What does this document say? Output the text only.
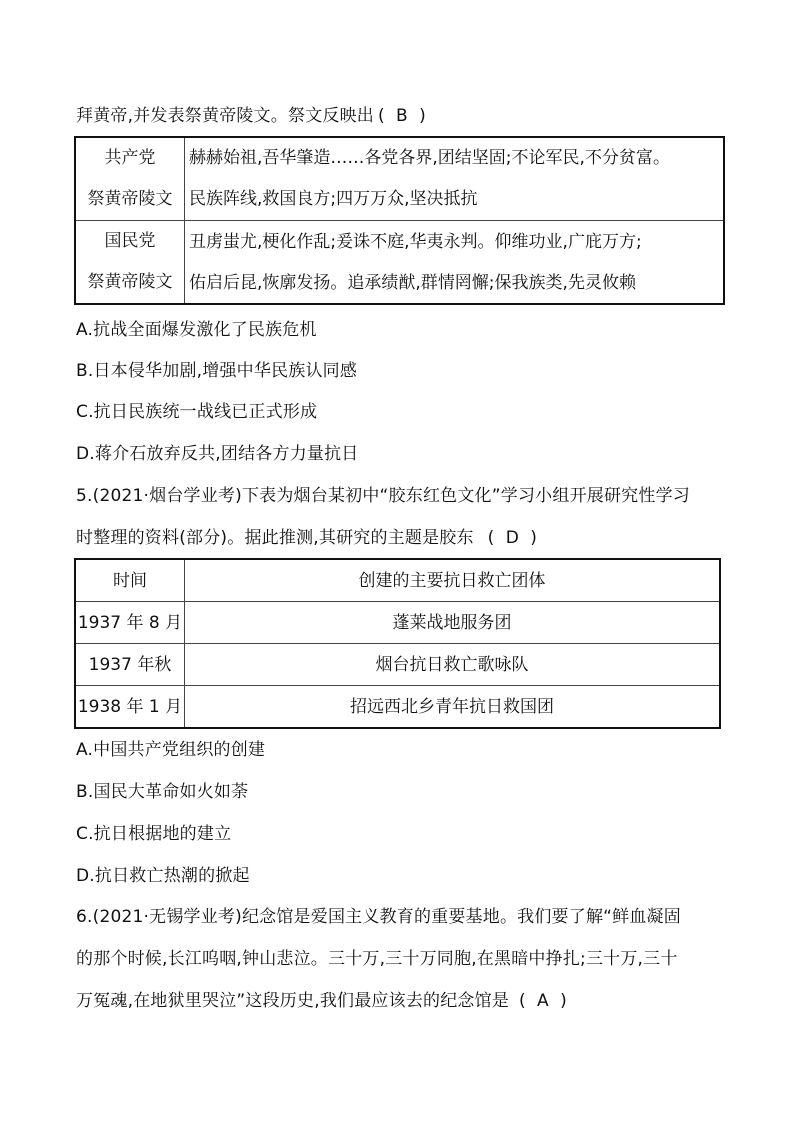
拜黄帝,并发表祭黄帝陵文。祭文反映出 (  B  )
共产党
祭黄帝陵文	赫赫始祖,吾华肇造……各党各界,团结坚固;不论军民,不分贫富。
	民族阵线,救国良方;四万万众,坚决抵抗

国民党
祭黄帝陵文	丑虏蚩尤,梗化作乱;爰诛不庭,华夷永判。仰维功业,广庇万方;
	佑启后昆,恢廓发扬。追承绩猷,群情罔懈;保我族类,先灵攸赖
A.抗战全面爆发激化了民族危机
B.日本侵华加剧,增强中华民族认同感
C.抗日民族统一战线已正式形成
D.蒋介石放弃反共,团结各方力量抗日
5.(2021·烟台学业考)下表为烟台某初中“胶东红色文化”学习小组开展研究性学习
时整理的资料(部分)。据此推测,其研究的主题是胶东 (  D  )
时间	创建的主要抗日救亡团体
1937 年 8 月	蓬莱战地服务团
1937 年秋	烟台抗日救亡歌咏队
1938 年 1 月	招远西北乡青年抗日救国团
A.中国共产党组织的创建
B.国民大革命如火如荼
C.抗日根据地的建立
D.抗日救亡热潮的掀起
6.(2021·无锡学业考)纪念馆是爱国主义教育的重要基地。我们要了解“鲜血凝固
的那个时候,长江呜咽,钟山悲泣。三十万,三十万同胞,在黑暗中挣扎;三十万,三十
万冤魂,在地狱里哭泣”这段历史,我们最应该去的纪念馆是 (  A  )
